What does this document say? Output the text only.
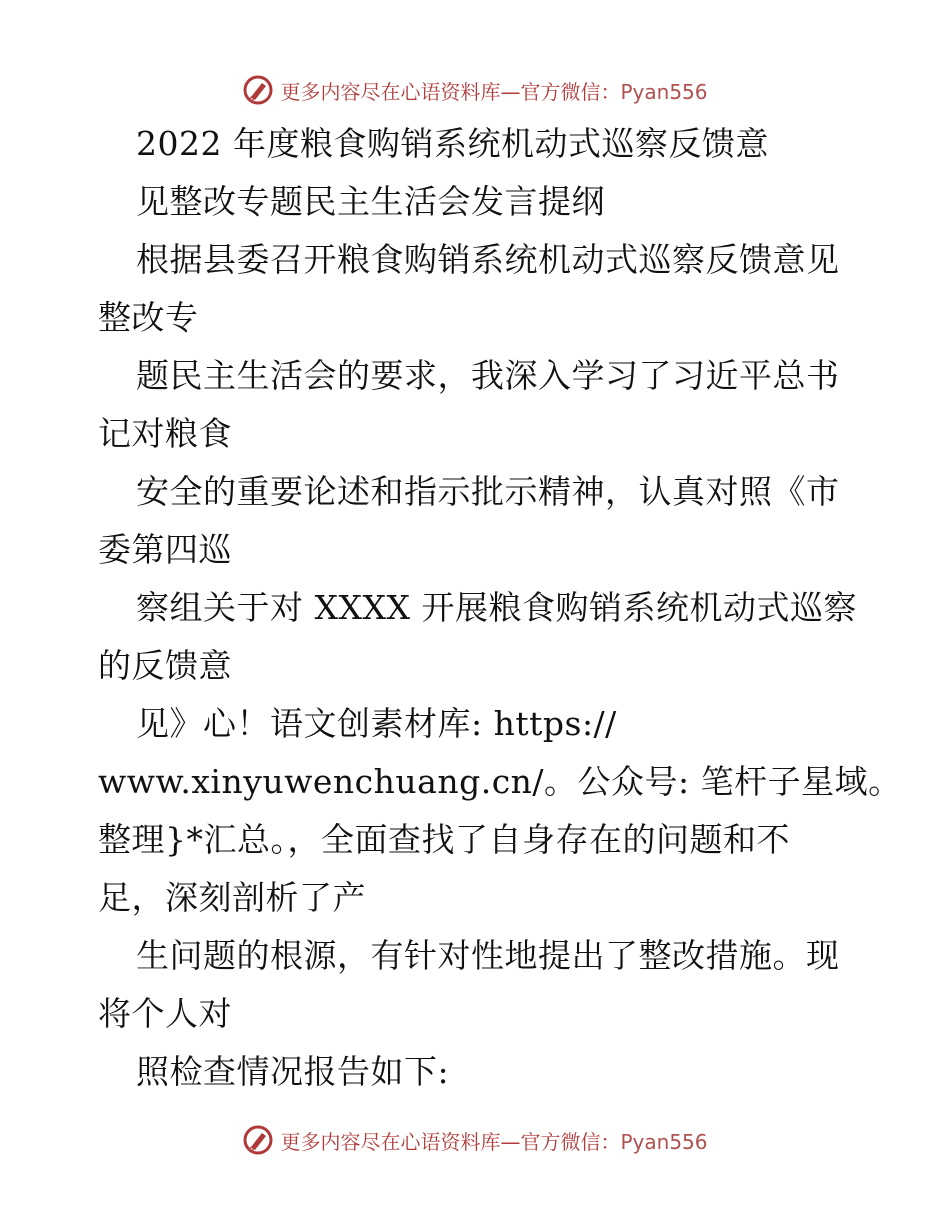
更多内容尽在心语资料库—官方微信：Pyan556
2022 年度粮食购销系统机动式巡察反馈意
见整改专题民主生活会发言提纲
根据县委召开粮食购销系统机动式巡察反馈意见
整改专
题民主生活会的要求，我深入学习了习近平总书
记对粮食
安全的重要论述和指示批示精神，认真对照《市
委第四巡
察组关于对 XXXX 开展粮食购销系统机动式巡察
的反馈意
见》心！语文创素材库: https://
www.xinyuwenchuang.cn/。公众号: 笔杆子星域。
整理}*汇总。，全面查找了自身存在的问题和不
足，深刻剖析了产
生问题的根源，有针对性地提出了整改措施。现
将个人对
照检查情况报告如下:
更多内容尽在心语资料库—官方微信：Pyan556
